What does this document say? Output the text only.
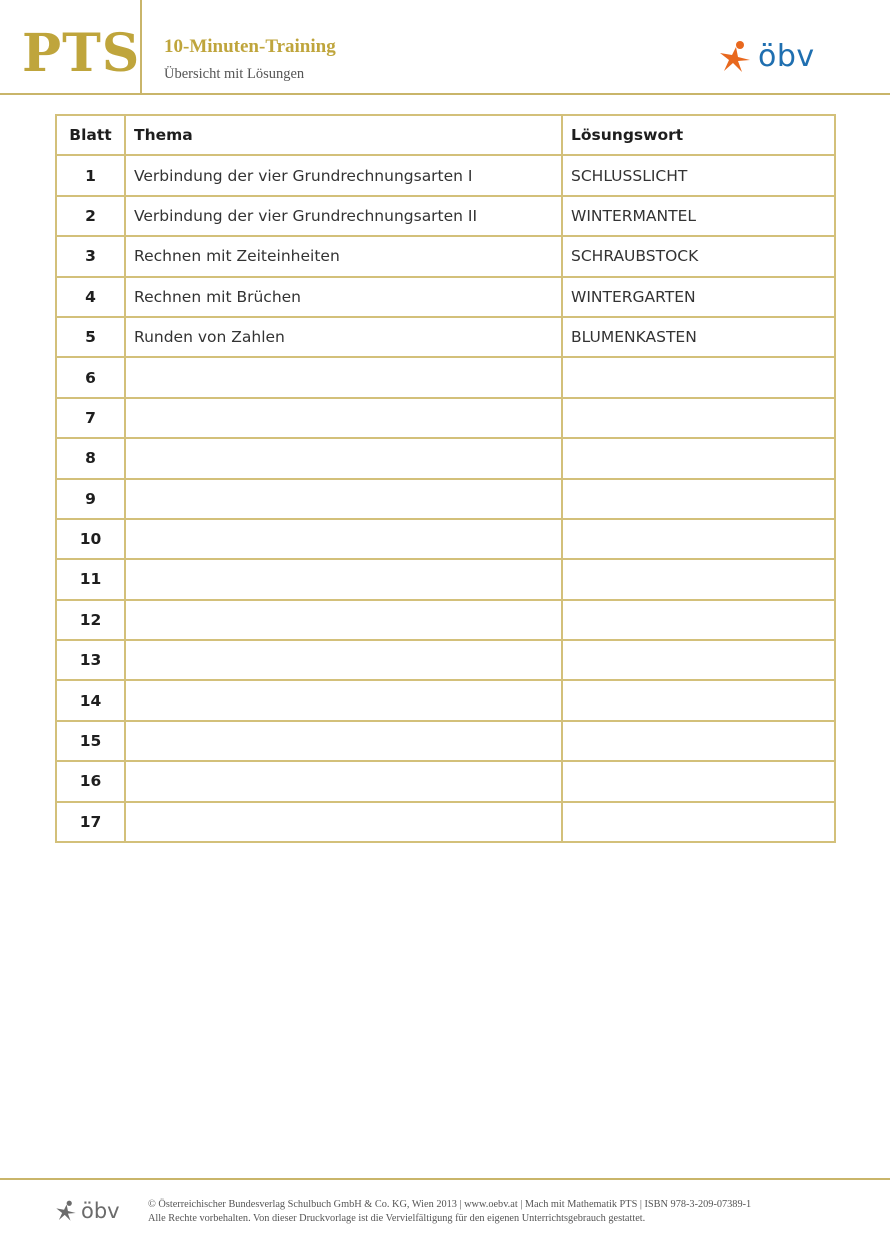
PTS 10-Minuten-Training
Übersicht mit Lösungen	öbv
Blatt	Thema	Lösungswort
1	Verbindung der vier Grundrechnungsarten I	SCHLUSSLICHT
2	Verbindung der vier Grundrechnungsarten II	WINTERMANTEL
3	Rechnen mit Zeiteinheiten	SCHRAUBSTOCK
4	Rechnen mit Brüchen	WINTERGARTEN
5	Runden von Zahlen	BLUMENKASTEN
6		
7		
8		
9		
10		
11		
12		
13		
14		
15		
16		
17		
öbv	© Österreichischer Bundesverlag Schulbuch GmbH & Co. KG, Wien 2013 | www.oebv.at | Mach mit Mathematik PTS | ISBN 978-3-209-07389-1
Alle Rechte vorbehalten. Von dieser Druckvorlage ist die Vervielfältigung für den eigenen Unterrichtsgebrauch gestattet.
